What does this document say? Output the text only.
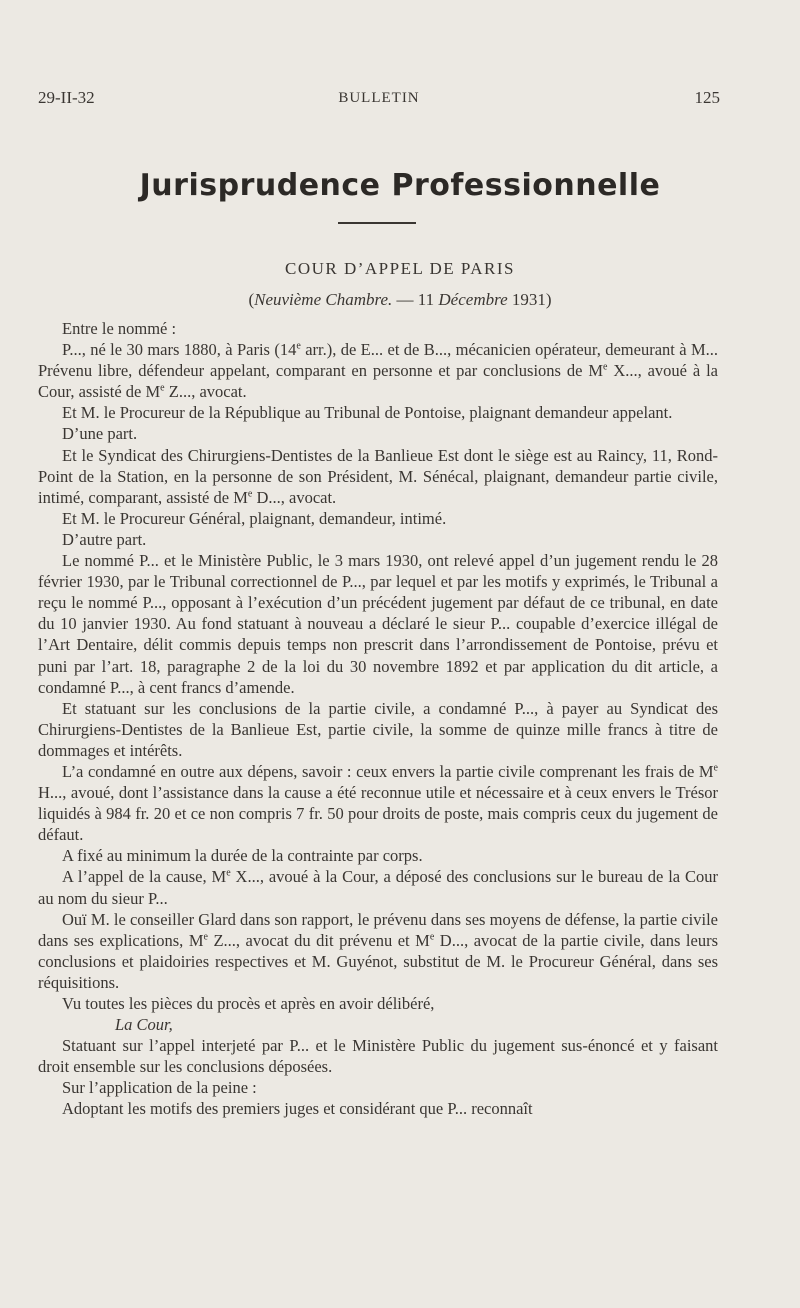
29-II-32	BULLETIN	125
Jurisprudence Professionnelle
COUR D’APPEL DE PARIS
(Neuvième Chambre. — 11 Décembre 1931)

Entre le nommé :

P..., né le 30 mars 1880, à Paris (14e arr.), de E... et de B..., mécanicien opérateur, demeurant à M... Prévenu libre, défendeur appelant, comparant en personne et par conclusions de Me X..., avoué à la Cour, assisté de Me Z..., avocat.

Et M. le Procureur de la République au Tribunal de Pontoise, plaignant demandeur appelant.

D’une part.

Et le Syndicat des Chirurgiens-Dentistes de la Banlieue Est dont le siège est au Raincy, 11, Rond-Point de la Station, en la personne de son Président, M. Sénécal, plaignant, demandeur partie civile, intimé, comparant, assisté de Me D..., avocat.

Et M. le Procureur Général, plaignant, demandeur, intimé.

D’autre part.

Le nommé P... et le Ministère Public, le 3 mars 1930, ont relevé appel d’un jugement rendu le 28 février 1930, par le Tribunal correctionnel de P..., par lequel et par les motifs y exprimés, le Tribunal a reçu le nommé P..., opposant à l’exécution d’un précédent jugement par défaut de ce tribunal, en date du 10 janvier 1930. Au fond statuant à nouveau a déclaré le sieur P... coupable d’exercice illégal de l’Art Dentaire, délit commis depuis temps non prescrit dans l’arrondissement de Pontoise, prévu et puni par l’art. 18, paragraphe 2 de la loi du 30 novembre 1892 et par application du dit article, a condamné P..., à cent francs d’amende.

Et statuant sur les conclusions de la partie civile, a condamné P..., à payer au Syndicat des Chirurgiens-Dentistes de la Banlieue Est, partie civile, la somme de quinze mille francs à titre de dommages et intérêts.

L’a condamné en outre aux dépens, savoir : ceux envers la partie civile comprenant les frais de Me H..., avoué, dont l’assistance dans la cause a été reconnue utile et nécessaire et à ceux envers le Trésor liquidés à 984 fr. 20 et ce non compris 7 fr. 50 pour droits de poste, mais compris ceux du jugement de défaut.

A fixé au minimum la durée de la contrainte par corps.

A l’appel de la cause, Me X..., avoué à la Cour, a déposé des conclusions sur le bureau de la Cour au nom du sieur P...

Ouï M. le conseiller Glard dans son rapport, le prévenu dans ses moyens de défense, la partie civile dans ses explications, Me Z..., avocat du dit prévenu et Me D..., avocat de la partie civile, dans leurs conclusions et plaidoiries respectives et M. Guyénot, substitut de M. le Procureur Général, dans ses réquisitions.

Vu toutes les pièces du procès et après en avoir délibéré,

La Cour,

Statuant sur l’appel interjeté par P... et le Ministère Public du jugement sus-énoncé et y faisant droit ensemble sur les conclusions déposées.

Sur l’application de la peine :

Adoptant les motifs des premiers juges et considérant que P... reconnaît
